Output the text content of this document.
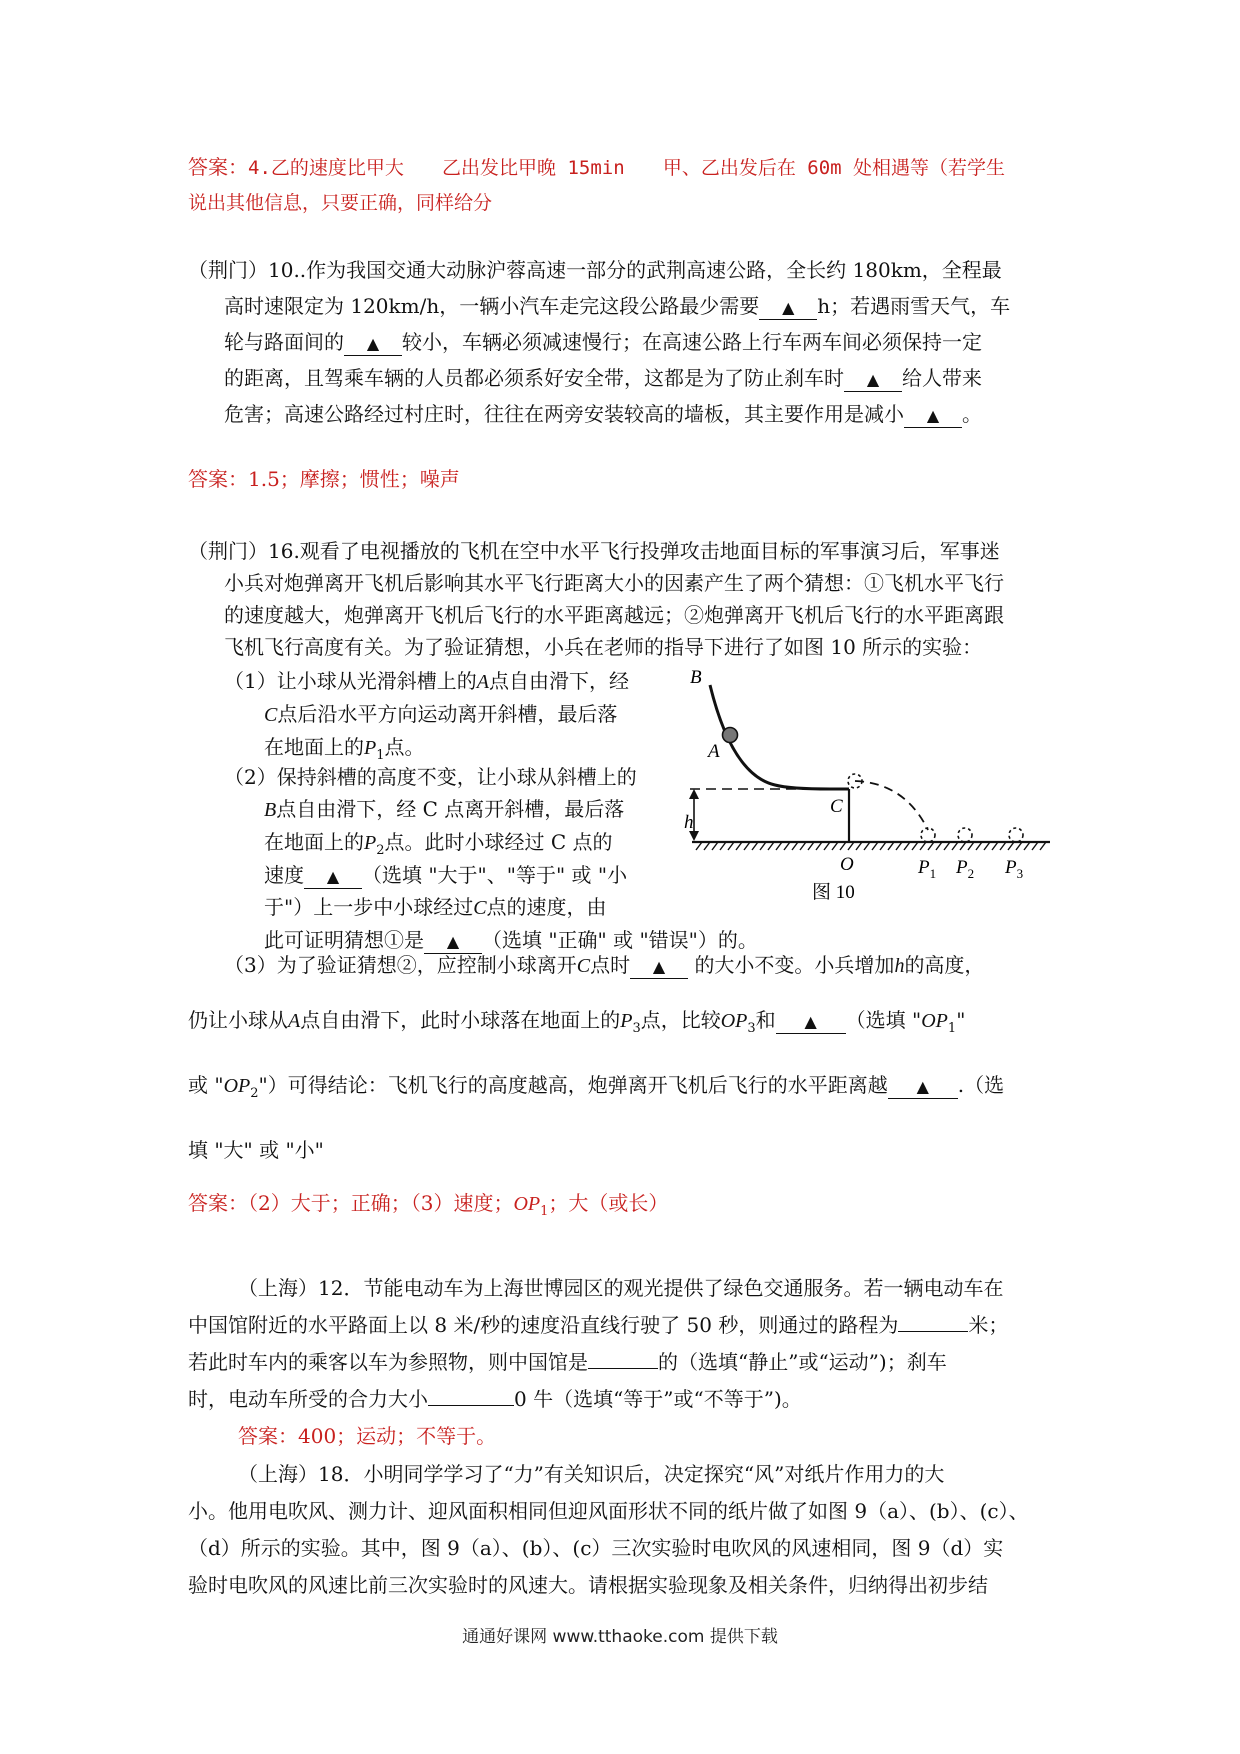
答案：4.乙的速度比甲大 乙出发比甲晚 15min 甲、乙出发后在 60m 处相遇等（若学生
说出其他信息，只要正确，同样给分

（荆门）10..作为我国交通大动脉沪蓉高速一部分的武荆高速公路，全长约 180km，全程最
高时速限定为 120km/h，一辆小汽车走完这段公路最少需要 ▲ h；若遇雨雪天气，车
轮与路面间的 ▲ 较小，车辆必须减速慢行；在高速公路上行车两车间必须保持一定
的距离，且驾乘车辆的人员都必须系好安全带，这都是为了防止刹车时 ▲ 给人带来
危害；高速公路经过村庄时，往往在两旁安装较高的墙板，其主要作用是减小 ▲ 。

答案：1.5；摩擦；惯性；噪声

（荆门）16.观看了电视播放的飞机在空中水平飞行投弹攻击地面目标的军事演习后，军事迷
小兵对炮弹离开飞机后影响其水平飞行距离大小的因素产生了两个猜想：①飞机水平飞行
的速度越大，炮弹离开飞机后飞行的水平距离越远；②炮弹离开飞机后飞行的水平距离跟
飞机飞行高度有关。为了验证猜想，小兵在老师的指导下进行了如图 10 所示的实验：
（1）让小球从光滑斜槽上的A点自由滑下，经
C点后沿水平方向运动离开斜槽，最后落
在地面上的$P_1$点。
（2）保持斜槽的高度不变，让小球从斜槽上的
B点自由滑下，经 C 点离开斜槽，最后落
在地面上的$P_2$点。此时小球经过 C 点的
速度 ▲ （选填 "大于"、"等于" 或 "小
于"）上一步中小球经过C点的速度，由
此可证明猜想①是 ▲ （选填 "正确" 或 "错误"）的。
（3）为了验证猜想②，应控制小球离开C点时 ▲ 的大小不变。小兵增加h的高度，
仍让小球从A点自由滑下，此时小球落在地面上的$P_3$点，比较$OP_3$和 ▲ （选填 "$OP_1$"
或 "$OP_2$"）可得结论：飞机飞行的高度越高，炮弹离开飞机后飞行的水平距离越 ▲ .（选
填 "大" 或 "小"
B
A
C
h
O	$P_1$ $P_2$ $P_3$
图 10

答案：（2）大于；正确；（3）速度；$OP_1$；大（或长）

（上海）12．节能电动车为上海世博园区的观光提供了绿色交通服务。若一辆电动车在
中国馆附近的水平路面上以 8 米/秒的速度沿直线行驶了 50 秒，则通过的路程为	米；
若此时车内的乘客以车为参照物，则中国馆是	的（选填“静止”或“运动”)；刹车
时，电动车所受的合力大小	0 牛（选填“等于”或“不等于”)。
答案：400；运动；不等于。
（上海）18．小明同学学习了“力”有关知识后，决定探究“风”对纸片作用力的大
小。他用电吹风、测力计、迎风面积相同但迎风面形状不同的纸片做了如图 9（a）、(b）、(c）、
（d）所示的实验。其中，图 9（a）、(b）、(c）三次实验时电吹风的风速相同，图 9（d）实
验时电吹风的风速比前三次实验时的风速大。请根据实验现象及相关条件，归纳得出初步结
通通好课网 www.tthaoke.com 提供下载
